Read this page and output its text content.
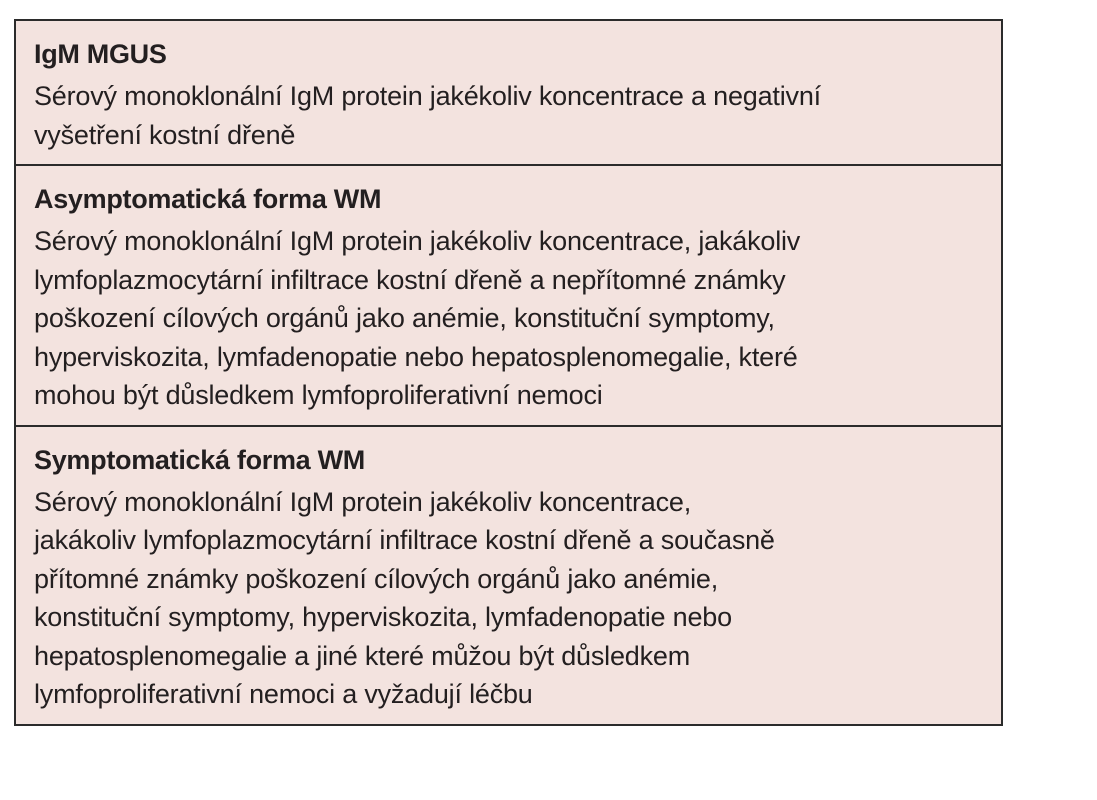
IgM MGUS
Sérový monoklonální IgM protein jakékoliv koncentrace a negativní
vyšetření kostní dřeně
Asymptomatická forma WM
Sérový monoklonální IgM protein jakékoliv koncentrace, jakákoliv
lymfoplazmocytární infiltrace kostní dřeně a nepřítomné známky
poškození cílových orgánů jako anémie, konstituční symptomy,
hyperviskozita, lymfadenopatie nebo hepatosplenomegalie, které
mohou být důsledkem lymfoproliferativní nemoci
Symptomatická forma WM
Sérový monoklonální IgM protein jakékoliv koncentrace,
jakákoliv lymfoplazmocytární infiltrace kostní dřeně a současně
přítomné známky poškození cílových orgánů jako anémie,
konstituční symptomy, hyperviskozita, lymfadenopatie nebo
hepatosplenomegalie a jiné které můžou být důsledkem
lymfoproliferativní nemoci a vyžadují léčbu
